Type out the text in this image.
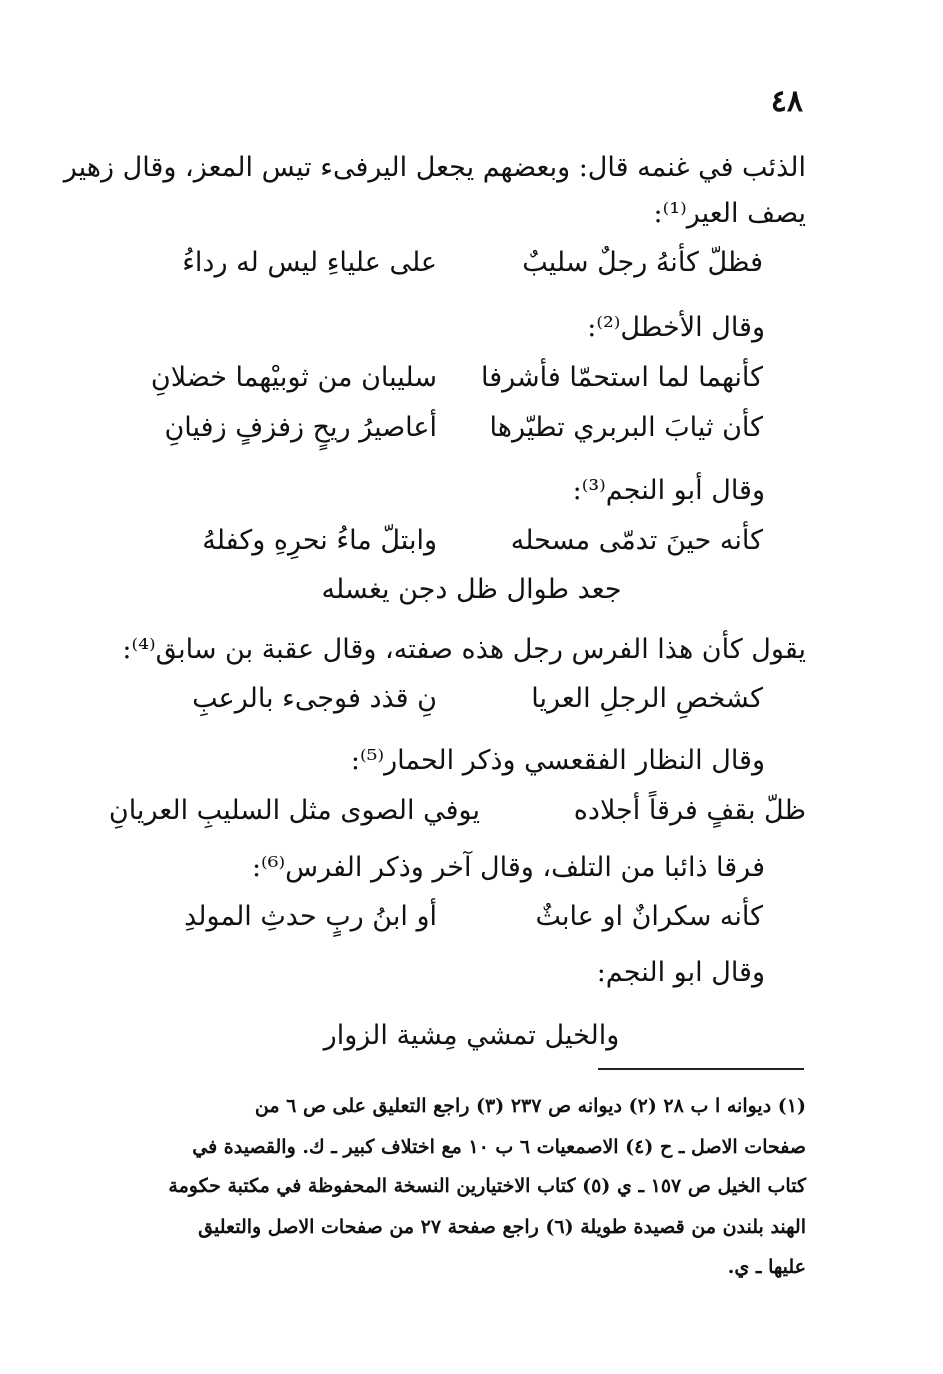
٤٨
الذئب في غنمه قال: وبعضهم يجعل اليرفىء تيس المعز، وقال زهير
يصف العير⁽¹⁾:
فظلّ كأنهُ رجلٌ سليبٌ
على علياءِ ليس له رداءُ
وقال الأخطل⁽²⁾:
كأنهما لما استحمّا فأشرفا
سليبان من ثوبيْهما خضلانِ
كأن ثيابَ البربري تطيّرها
أعاصيرُ ريحٍ زفزفٍ زفيانِ
وقال أبو النجم⁽³⁾:
كأنه حينَ تدمّى مسحله
وابتلّ ماءُ نحرِهِ وكفلهُ
جعد طوال ظل دجن يغسله
يقول كأن هذا الفرس رجل هذه صفته، وقال عقبة بن سابق⁽⁴⁾:
كشخصِ الرجلِ العريا
نِ قذد فوجىء بالرعبِ
وقال النظار الفقعسي وذكر الحمار⁽⁵⁾:
ظلّ بقفٍ فرقاً أجلاده
يوفي الصوى مثل السليبِ العريانِ
فرقا ذائبا من التلف، وقال آخر وذكر الفرس⁽⁶⁾:
كأنه سكرانٌ او عابثٌ
أو ابنُ ربٍ حدثِ المولدِ
وقال ابو النجم:
والخيل تمشي مِشية الزوار
(١) ديوانه ا ب ٢٨ (٢) ديوانه ص ٢٣٧ (٣) راجع التعليق على ص ٦ من
صفحات الاصل ـ ح (٤) الاصمعيات ٦ ب ١٠ مع اختلاف كبير ـ ك. والقصيدة في
كتاب الخيل ص ١٥٧ ـ ي (٥) كتاب الاختيارين النسخة المحفوظة في مكتبة حكومة
الهند بلندن من قصيدة طويلة (٦) راجع صفحة ٢٧ من صفحات الاصل والتعليق
عليها ـ ي.
